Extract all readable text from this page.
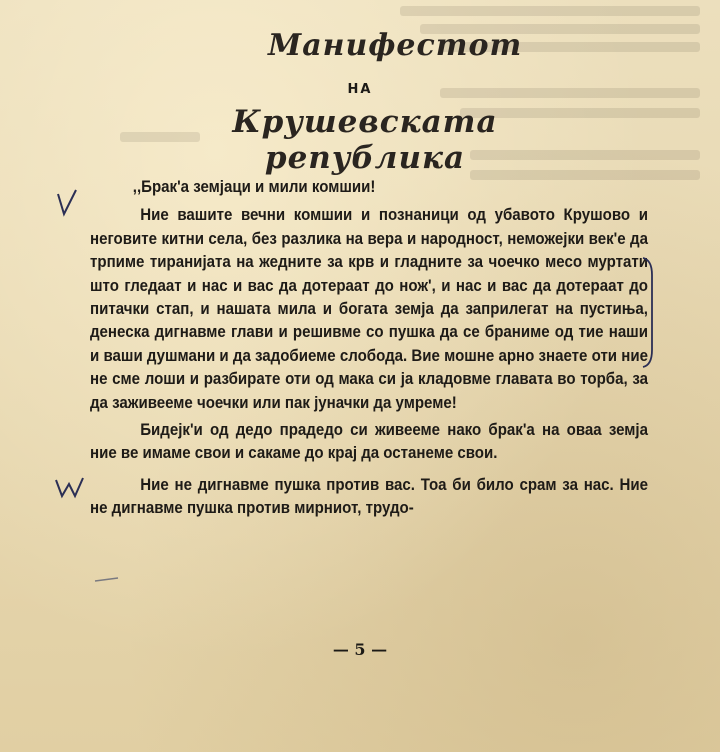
Манифестот
НА
Крушевската република

,,Брак'а земјаци и мили комшии!

Ние вашите вечни комшии и познаници од убавото Крушово и неговите китни села, без разлика на вера и народност, неможејки век'е да трпиме тиранијата на жедните за крв и гладните за чоечко месо муртати што гледаат и нас и вас да дотераат до нож', и нас и вас да дотераат до питачки стап, и нашата мила и богата земја да заприлегат на пустиња, денеска дигнавме глави и решивме со пушка да се браниме од тие наши и ваши душмани и да задобиеме слобода. Вие мошне арно знаете оти ние не сме лоши и разбирате оти од мака си ја кладовме главата во торба, за да заживееме чоечки или пак јуначки да умреме!

Бидејк'и од дедо прадедо си живееме нако брак'а на оваа земја ние ве имаме свои и сакаме до крај да останеме свои.

Ние не дигнавме пушка против вас. Тоа би било срам за нас. Ние не дигнавме пушка против мирниот, трудо-

— 5 —
